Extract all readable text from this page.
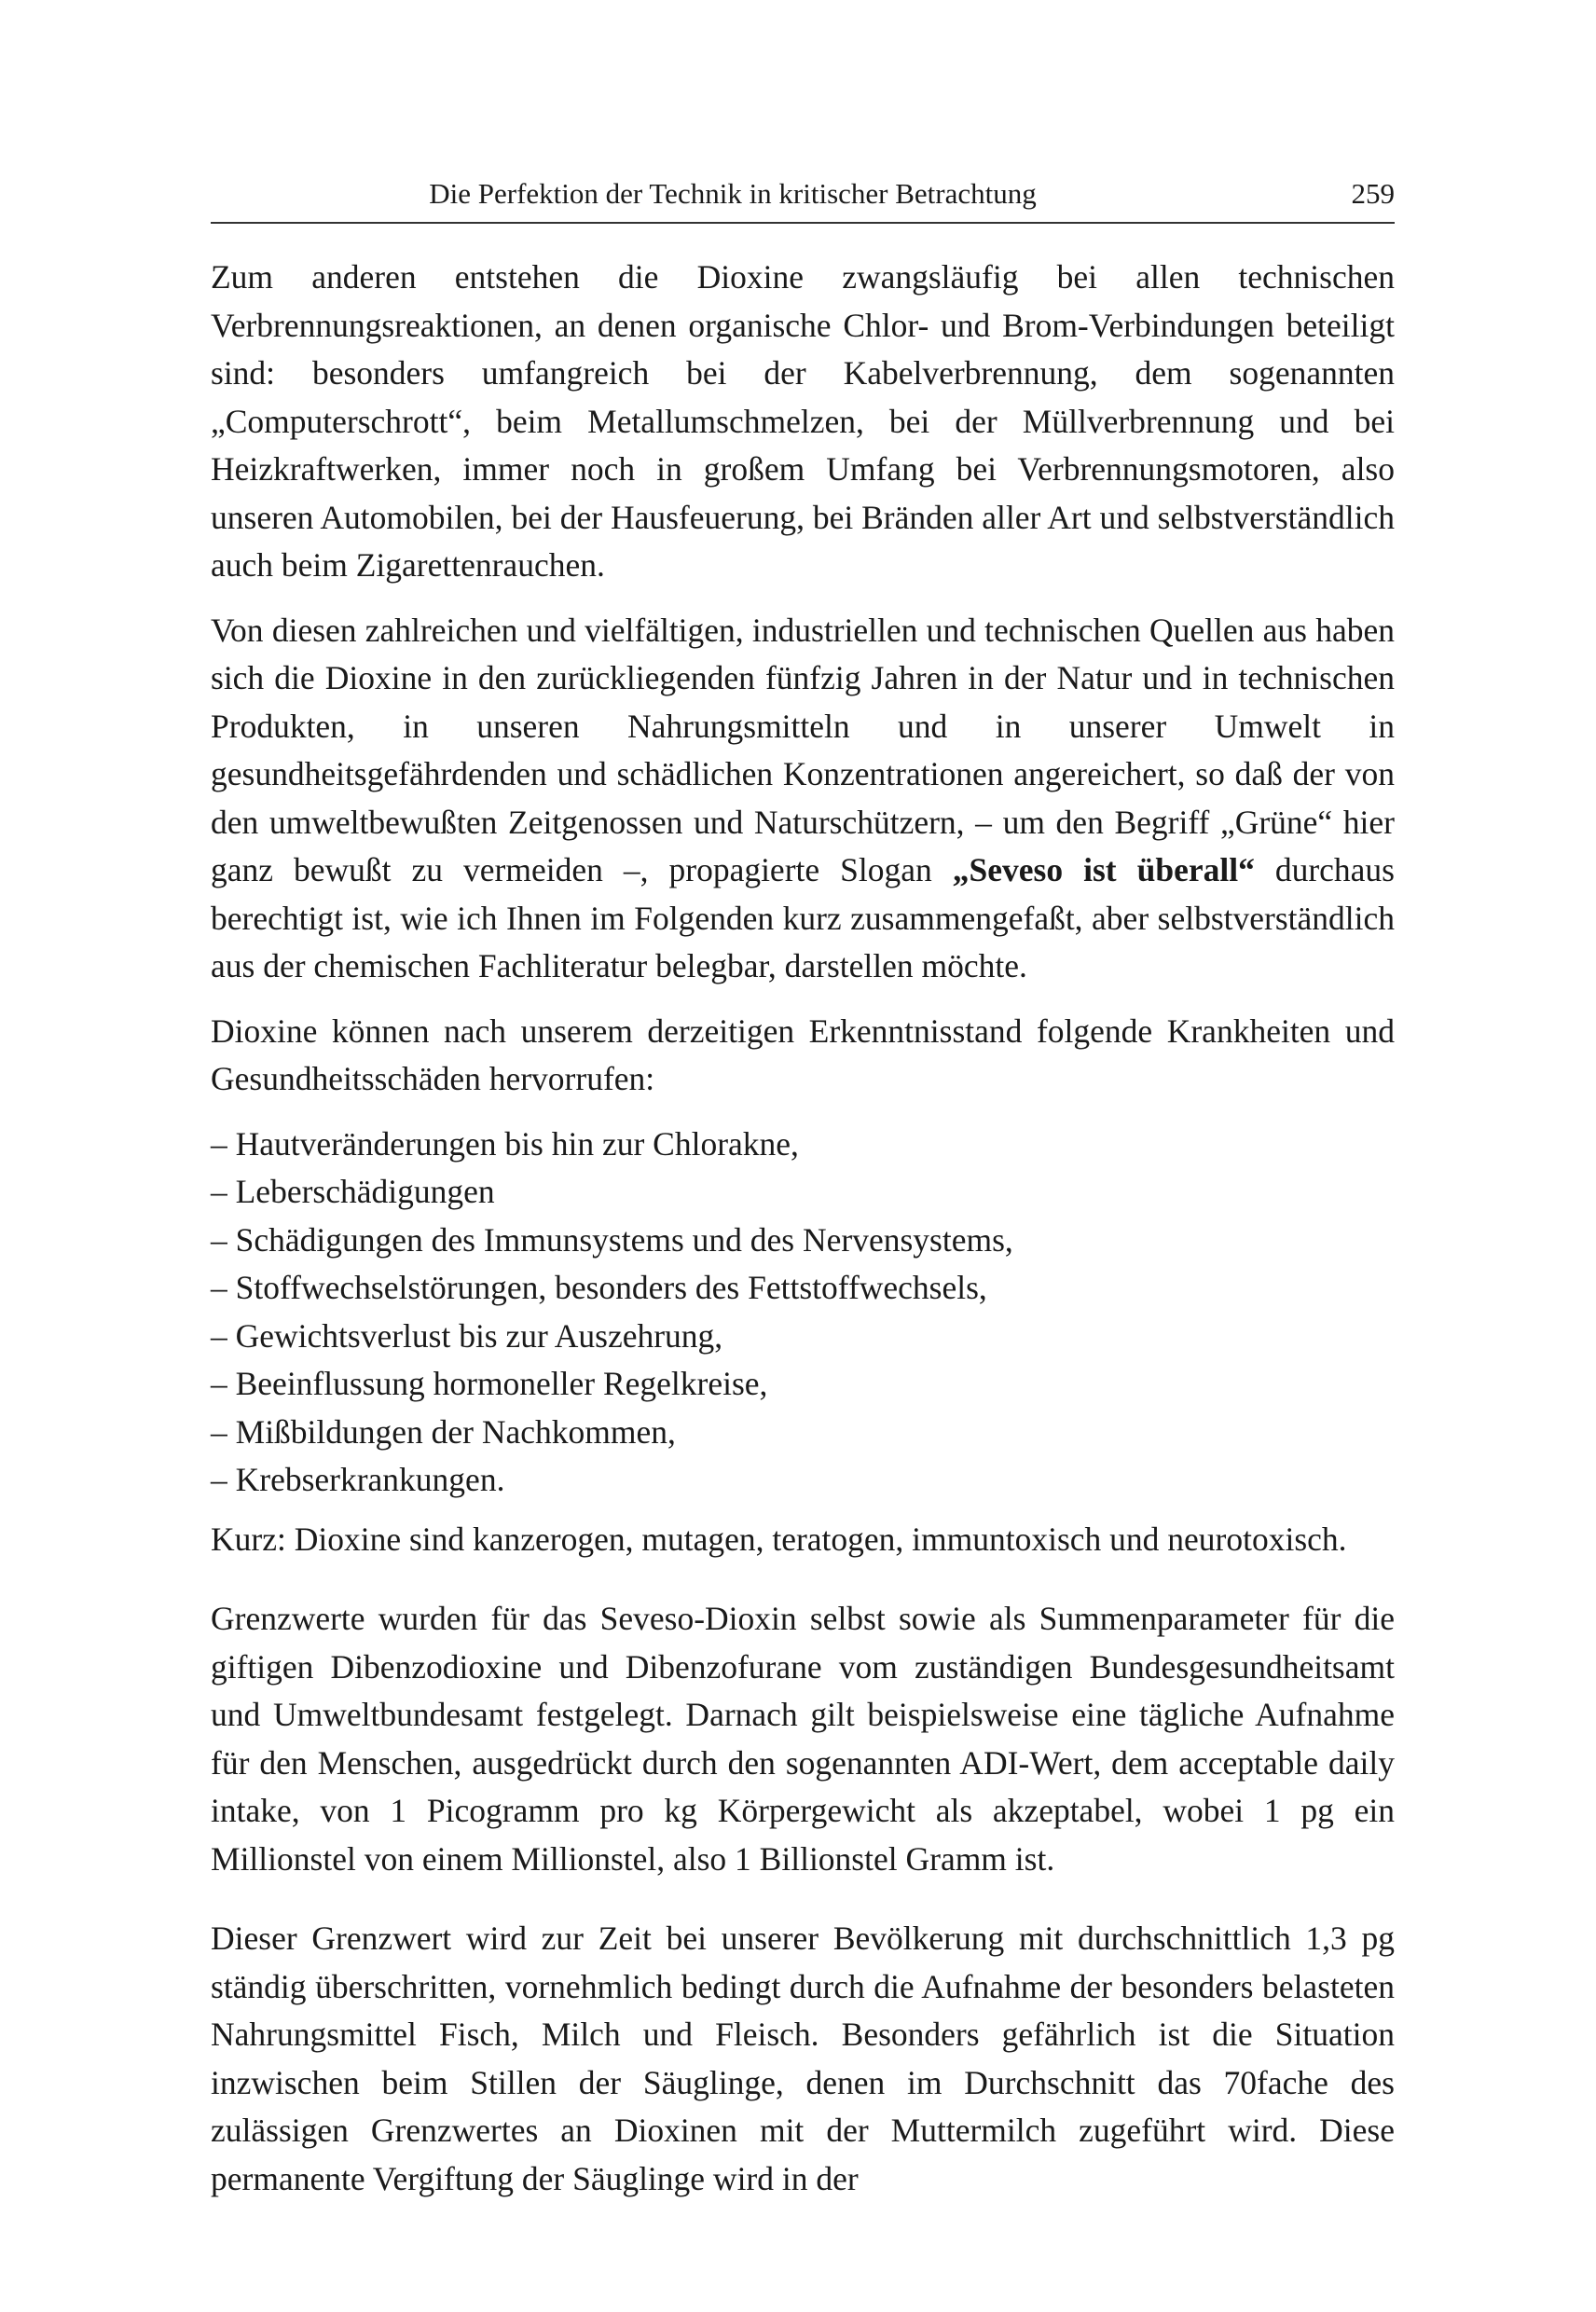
Die Perfektion der Technik in kritischer Betrachtung	259

Zum anderen entstehen die Dioxine zwangsläufig bei allen technischen Verbrennungsreaktionen, an denen organische Chlor- und Brom-Verbindungen beteiligt sind: besonders umfangreich bei der Kabelverbrennung, dem sogenannten „Computerschrott“, beim Metallumschmelzen, bei der Müllverbrennung und bei Heizkraftwerken, immer noch in großem Umfang bei Verbrennungsmotoren, also unseren Automobilen, bei der Hausfeuerung, bei Bränden aller Art und selbstverständlich auch beim Zigarettenrauchen.

Von diesen zahlreichen und vielfältigen, industriellen und technischen Quellen aus haben sich die Dioxine in den zurückliegenden fünfzig Jahren in der Natur und in technischen Produkten, in unseren Nahrungsmitteln und in unserer Umwelt in gesundheitsgefährdenden und schädlichen Konzentrationen angereichert, so daß der von den umweltbewußten Zeitgenossen und Naturschützern, – um den Begriff „Grüne“ hier ganz bewußt zu vermeiden –, propagierte Slogan „Seveso ist überall“ durchaus berechtigt ist, wie ich Ihnen im Folgenden kurz zusammengefaßt, aber selbstverständlich aus der chemischen Fachliteratur belegbar, darstellen möchte.

Dioxine können nach unserem derzeitigen Erkenntnisstand folgende Krankheiten und Gesundheitsschäden hervorrufen:

– Hautveränderungen bis hin zur Chlorakne,
– Leberschädigungen
– Schädigungen des Immunsystems und des Nervensystems,
– Stoffwechselstörungen, besonders des Fettstoffwechsels,
– Gewichtsverlust bis zur Auszehrung,
– Beeinflussung hormoneller Regelkreise,
– Mißbildungen der Nachkommen,
– Krebserkrankungen.

Kurz: Dioxine sind kanzerogen, mutagen, teratogen, immuntoxisch und neurotoxisch.

Grenzwerte wurden für das Seveso-Dioxin selbst sowie als Summenparameter für die giftigen Dibenzodioxine und Dibenzofurane vom zuständigen Bundesgesundheitsamt und Umweltbundesamt festgelegt. Darnach gilt beispielsweise eine tägliche Aufnahme für den Menschen, ausgedrückt durch den sogenannten ADI-Wert, dem acceptable daily intake, von 1 Picogramm pro kg Körpergewicht als akzeptabel, wobei 1 pg ein Millionstel von einem Millionstel, also 1 Billionstel Gramm ist.

Dieser Grenzwert wird zur Zeit bei unserer Bevölkerung mit durchschnittlich 1,3 pg ständig überschritten, vornehmlich bedingt durch die Aufnahme der besonders belasteten Nahrungsmittel Fisch, Milch und Fleisch. Besonders gefährlich ist die Situation inzwischen beim Stillen der Säuglinge, denen im Durchschnitt das 70fache des zulässigen Grenzwertes an Dioxinen mit der Muttermilch zugeführt wird. Diese permanente Vergiftung der Säuglinge wird in der
